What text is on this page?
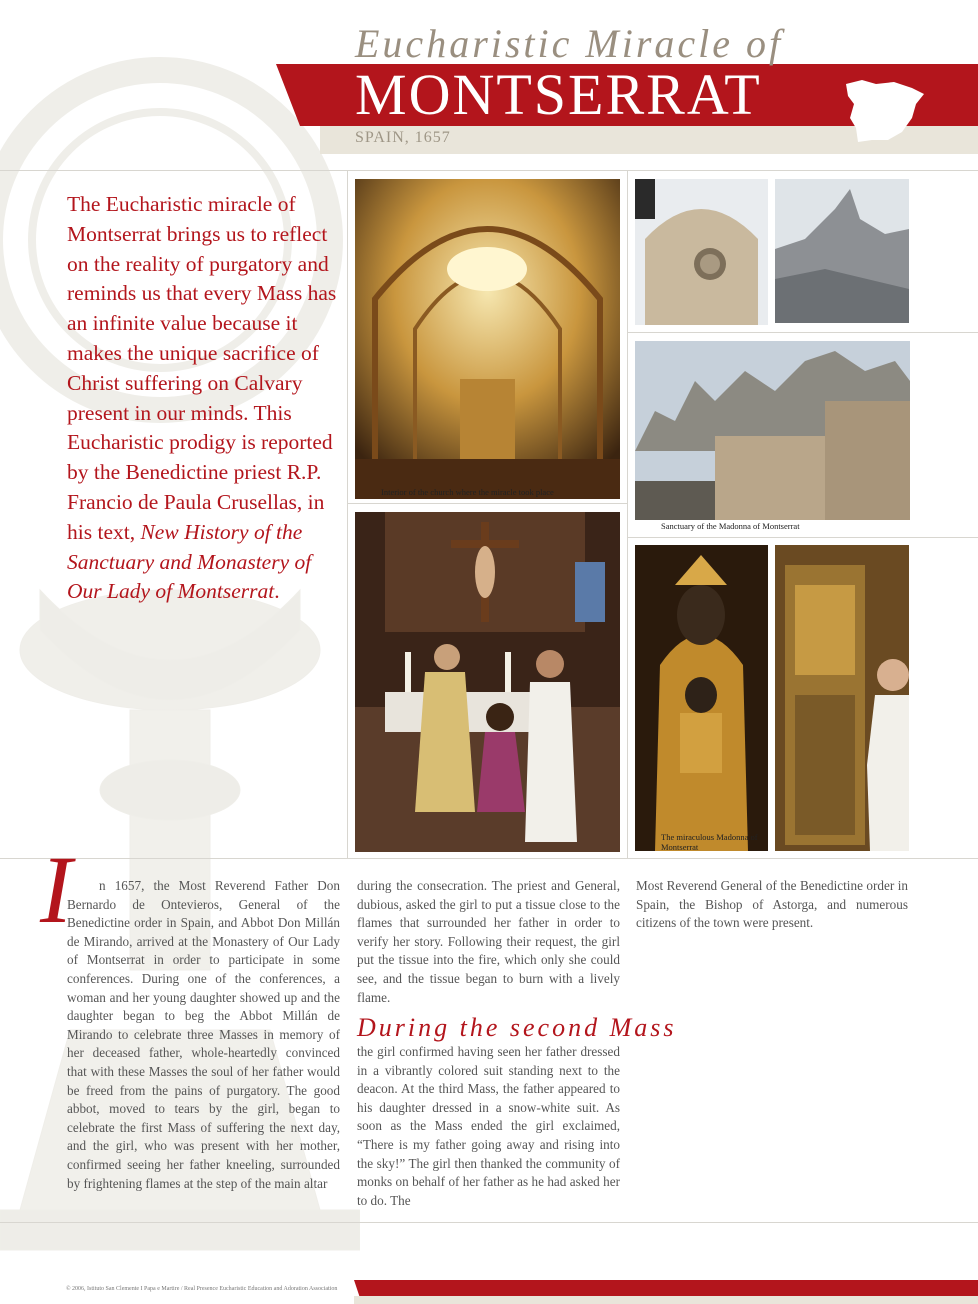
Eucharistic Miracle of
MONTSERRAT
SPAIN, 1657

The Eucharistic miracle of Montserrat brings us to reflect on the reality of purgatory and reminds us that every Mass has an infinite value because it makes the unique sacrifice of Christ suffering on Calvary present in our minds. This Eucharistic prodigy is reported by the Benedictine priest R.P. Francio de Paula Crusellas, in his text, New History of the Sanctuary and Monastery of Our Lady of Montserrat.

Interior of the church where the miracle took place
Sanctuary of the Madonna of Montserrat
The miraculous Madonna of Montserrat
I	n 1657, the Most Reverend Father Don Bernardo de Ontevieros, General of the Benedictine order in Spain, and Abbot Don Millán de Mirando, arrived at the Monastery of Our Lady of Montserrat in order to participate in some conferences. During one of the conferences, a woman and her young daughter showed up and the daughter began to beg the Abbot Millán de Mirando to celebrate three Masses in memory of her deceased father, whole-heartedly convinced that with these Masses the soul of her father would be freed from the pains of purgatory. The good abbot, moved to tears by the girl, began to celebrate the first Mass of suffering the next day, and the girl, who was present with her mother, confirmed seeing her father kneeling, surrounded by frightening flames at the step of the main altar

during the consecration. The priest and General, dubious, asked the girl to put a tissue close to the flames that surrounded her father in order to verify her story. Following their request, the girl put the tissue into the fire, which only she could see, and the tissue began to burn with a lively flame.

During the second Mass

the girl confirmed having seen her father dressed in a vibrantly colored suit standing next to the deacon. At the third Mass, the father appeared to his daughter dressed in a snow-white suit. As soon as the Mass ended the girl exclaimed, “There is my father going away and rising into the sky!” The girl then thanked the community of monks on behalf of her father as he had asked her to do. The

Most Reverend General of the Benedictine order in Spain, the Bishop of Astorga, and numerous citizens of the town were present.

© 2006, Istituto San Clemente I Papa e Martire / Real Presence Eucharistic Education and Adoration Association
